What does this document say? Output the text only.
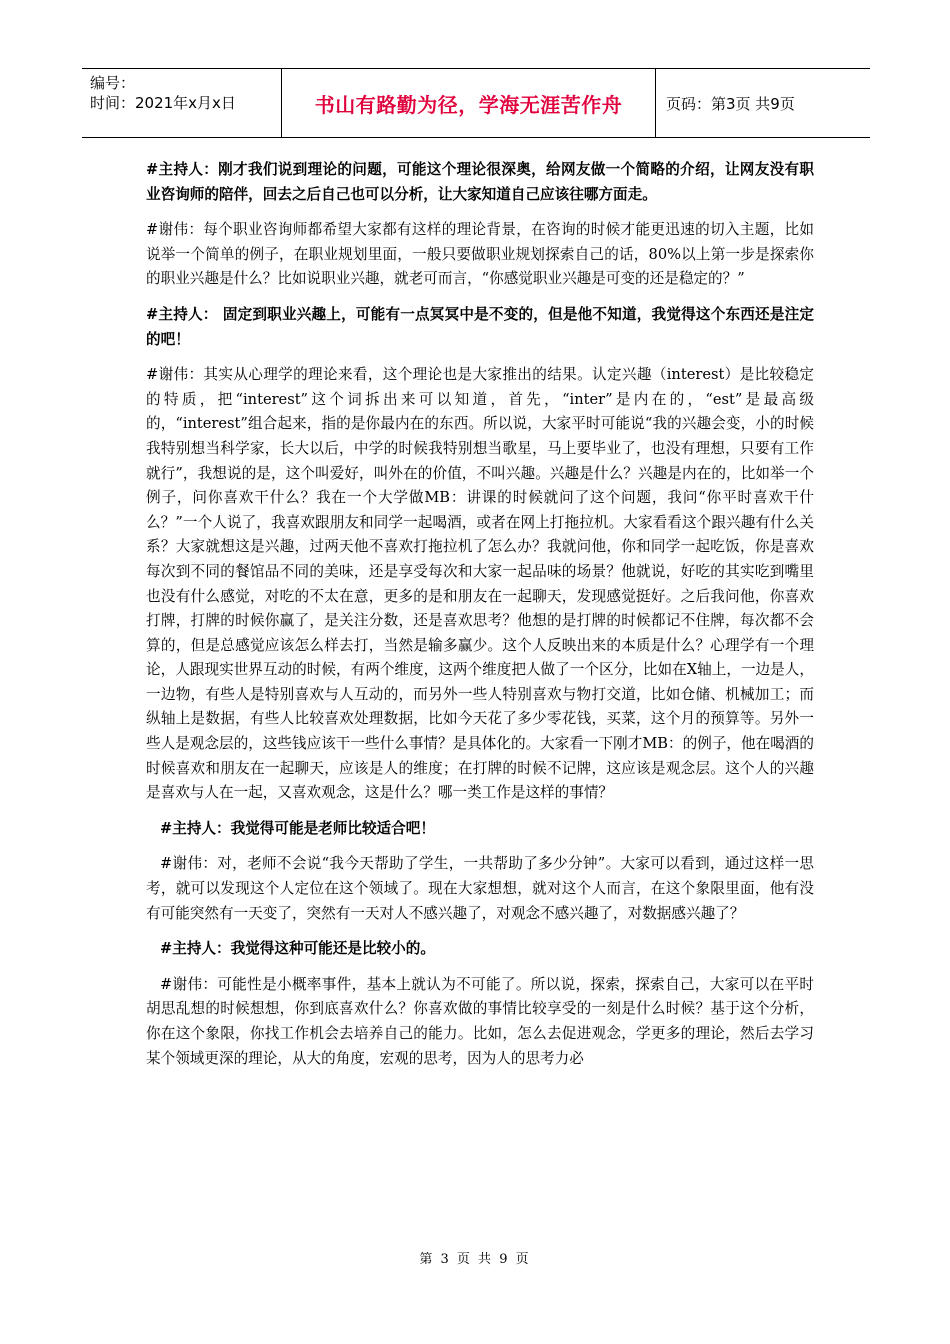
编号：
时间：2021年x月x日	书山有路勤为径，学海无涯苦作舟	页码：第3页 共9页

#主持人：刚才我们说到理论的问题，可能这个理论很深奥，给网友做一个简略的介绍，让网友没有职业咨询师的陪伴，回去之后自己也可以分析，让大家知道自己应该往哪方面走。

#谢伟：每个职业咨询师都希望大家都有这样的理论背景，在咨询的时候才能更迅速的切入主题，比如说举一个简单的例子，在职业规划里面，一般只要做职业规划探索自己的话，80%以上第一步是探索你的职业兴趣是什么？比如说职业兴趣，就老可而言，“你感觉职业兴趣是可变的还是稳定的？”

#主持人： 固定到职业兴趣上，可能有一点冥冥中是不变的，但是他不知道，我觉得这个东西还是注定的吧！

#谢伟：其实从心理学的理论来看，这个理论也是大家推出的结果。认定兴趣（interest）是比较稳定的特质，把“interest”这个词拆出来可以知道，首先，“inter”是内在的，“est”是最高级的，“interest”组合起来，指的是你最内在的东西。所以说，大家平时可能说“我的兴趣会变，小的时候我特别想当科学家，长大以后，中学的时候我特别想当歌星，马上要毕业了，也没有理想，只要有工作就行”，我想说的是，这个叫爱好，叫外在的价值，不叫兴趣。兴趣是什么？兴趣是内在的，比如举一个例子，问你喜欢干什么？我在一个大学做MB：讲课的时候就问了这个问题，我问“你平时喜欢干什么？”一个人说了，我喜欢跟朋友和同学一起喝酒，或者在网上打拖拉机。大家看看这个跟兴趣有什么关系？大家就想这是兴趣，过两天他不喜欢打拖拉机了怎么办？我就问他，你和同学一起吃饭，你是喜欢每次到不同的餐馆品不同的美味，还是享受每次和大家一起品味的场景？他就说，好吃的其实吃到嘴里也没有什么感觉，对吃的不太在意，更多的是和朋友在一起聊天，发现感觉挺好。之后我问他，你喜欢打牌，打牌的时候你赢了，是关注分数，还是喜欢思考？他想的是打牌的时候都记不住牌，每次都不会算的，但是总感觉应该怎么样去打，当然是输多赢少。这个人反映出来的本质是什么？心理学有一个理论，人跟现实世界互动的时候，有两个维度，这两个维度把人做了一个区分，比如在X轴上，一边是人，一边物，有些人是特别喜欢与人互动的，而另外一些人特别喜欢与物打交道，比如仓储、机械加工；而纵轴上是数据，有些人比较喜欢处理数据，比如今天花了多少零花钱，买菜，这个月的预算等。另外一些人是观念层的，这些钱应该干一些什么事情？是具体化的。大家看一下刚才MB：的例子，他在喝酒的时候喜欢和朋友在一起聊天，应该是人的维度；在打牌的时候不记牌，这应该是观念层。这个人的兴趣是喜欢与人在一起，又喜欢观念，这是什么？哪一类工作是这样的事情？

#主持人：我觉得可能是老师比较适合吧！

#谢伟：对，老师不会说“我今天帮助了学生，一共帮助了多少分钟”。大家可以看到，通过这样一思考，就可以发现这个人定位在这个领域了。现在大家想想，就对这个人而言，在这个象限里面，他有没有可能突然有一天变了，突然有一天对人不感兴趣了，对观念不感兴趣了，对数据感兴趣了？

#主持人：我觉得这种可能还是比较小的。

#谢伟：可能性是小概率事件，基本上就认为不可能了。所以说，探索，探索自己，大家可以在平时胡思乱想的时候想想，你到底喜欢什么？你喜欢做的事情比较享受的一刻是什么时候？基于这个分析，你在这个象限，你找工作机会去培养自己的能力。比如，怎么去促进观念，学更多的理论，然后去学习某个领域更深的理论，从大的角度，宏观的思考，因为人的思考力必

第 3 页 共 9 页
